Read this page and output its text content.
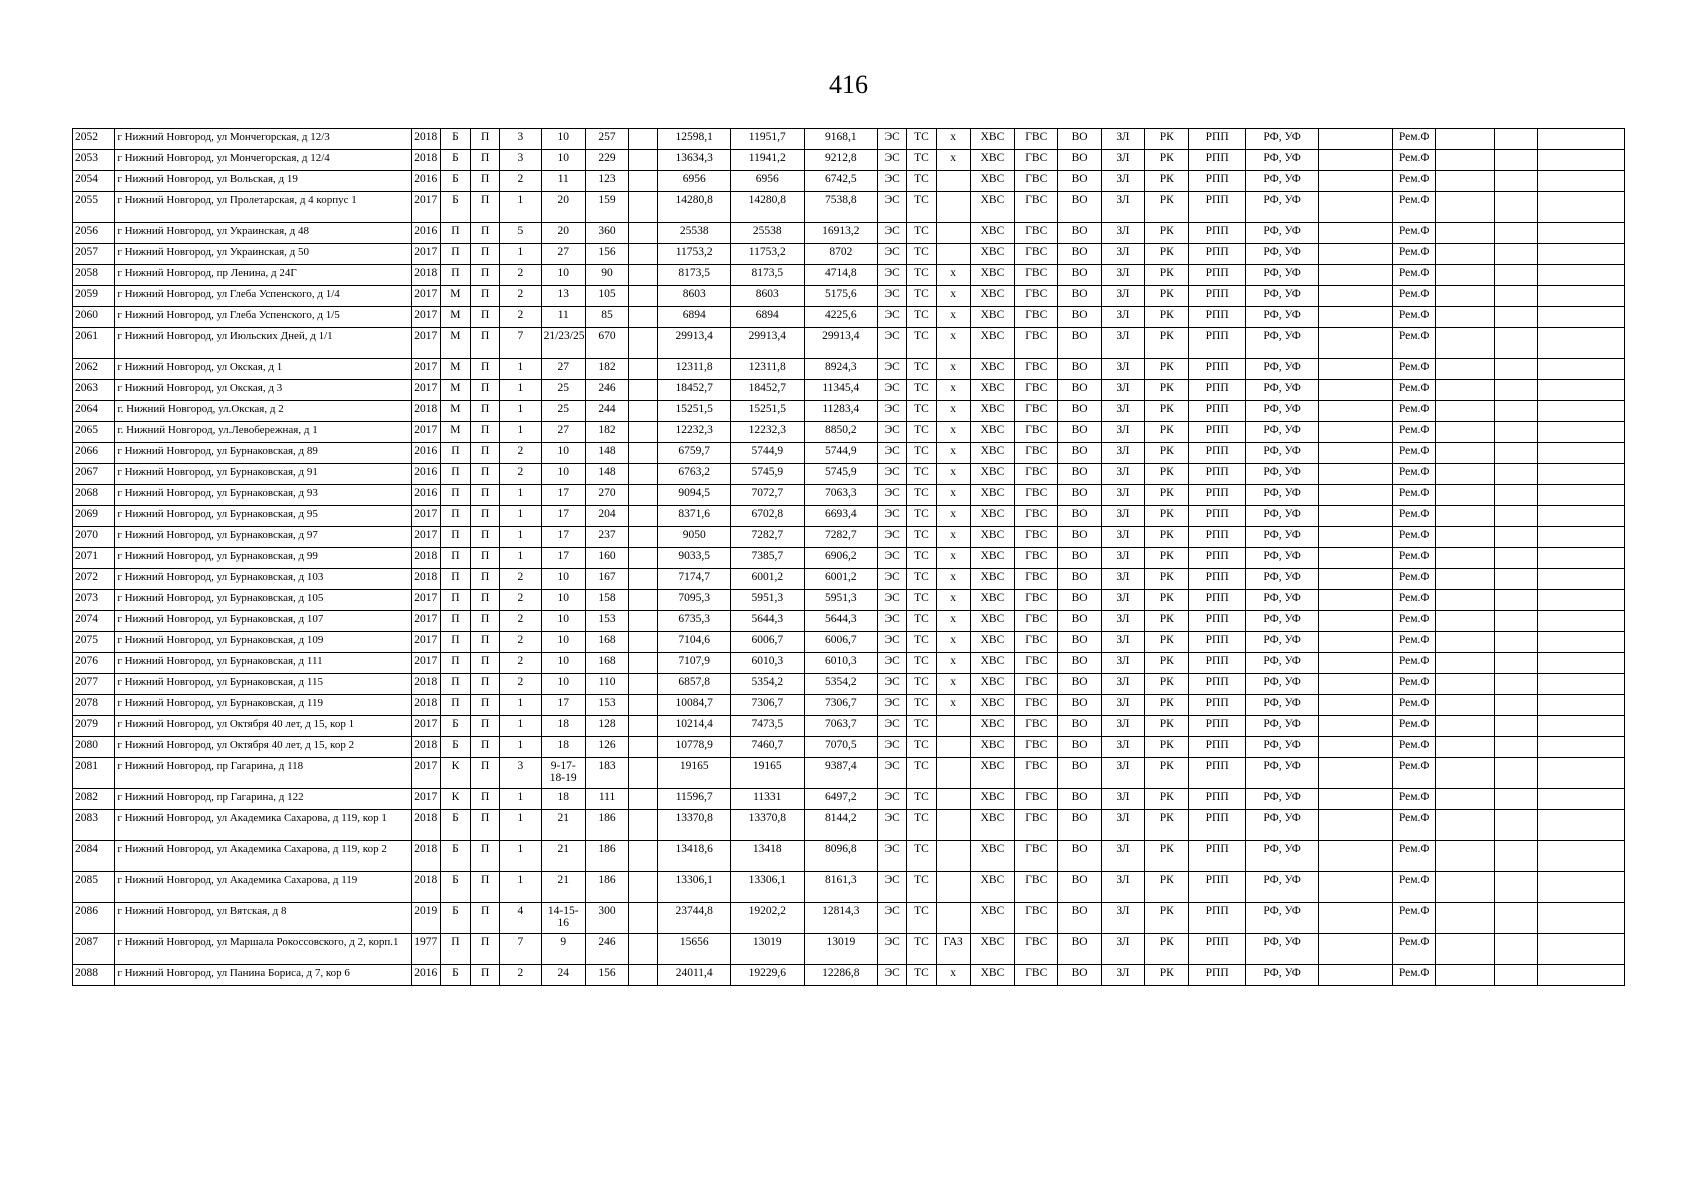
416
2052	г Нижний Новгород, ул Мончегорская, д 12/3	2018	Б	П	3	10	257		12598,1	11951,7	9168,1	ЭС	ТС	х	ХВС	ГВС	ВО	ЗЛ	РК	РПП	РФ, УФ		Рем.Ф			
2053	г Нижний Новгород, ул Мончегорская, д 12/4	2018	Б	П	3	10	229		13634,3	11941,2	9212,8	ЭС	ТС	х	ХВС	ГВС	ВО	ЗЛ	РК	РПП	РФ, УФ		Рем.Ф			
2054	г Нижний Новгород, ул Вольская, д 19	2016	Б	П	2	11	123		6956	6956	6742,5	ЭС	ТС		ХВС	ГВС	ВО	ЗЛ	РК	РПП	РФ, УФ		Рем.Ф			
2055	г Нижний Новгород, ул Пролетарская, д 4 корпус 1	2017	Б	П	1	20	159		14280,8	14280,8	7538,8	ЭС	ТС		ХВС	ГВС	ВО	ЗЛ	РК	РПП	РФ, УФ		Рем.Ф			
2056	г Нижний Новгород, ул Украинская, д 48	2016	П	П	5	20	360		25538	25538	16913,2	ЭС	ТС		ХВС	ГВС	ВО	ЗЛ	РК	РПП	РФ, УФ		Рем.Ф			
2057	г Нижний Новгород, ул Украинская, д 50	2017	П	П	1	27	156		11753,2	11753,2	8702	ЭС	ТС		ХВС	ГВС	ВО	ЗЛ	РК	РПП	РФ, УФ		Рем.Ф			
2058	г Нижний Новгород, пр Ленина, д 24Г	2018	П	П	2	10	90		8173,5	8173,5	4714,8	ЭС	ТС	х	ХВС	ГВС	ВО	ЗЛ	РК	РПП	РФ, УФ		Рем.Ф			
2059	г Нижний Новгород, ул Глеба Успенского, д 1/4	2017	М	П	2	13	105		8603	8603	5175,6	ЭС	ТС	х	ХВС	ГВС	ВО	ЗЛ	РК	РПП	РФ, УФ		Рем.Ф			
2060	г Нижний Новгород, ул Глеба Успенского, д 1/5	2017	М	П	2	11	85		6894	6894	4225,6	ЭС	ТС	х	ХВС	ГВС	ВО	ЗЛ	РК	РПП	РФ, УФ		Рем.Ф			
2061	г Нижний Новгород, ул Июльских Дней, д 1/1	2017	М	П	7	21/23/25	670		29913,4	29913,4	29913,4	ЭС	ТС	х	ХВС	ГВС	ВО	ЗЛ	РК	РПП	РФ, УФ		Рем.Ф			
2062	г Нижний Новгород, ул Окская, д 1	2017	М	П	1	27	182		12311,8	12311,8	8924,3	ЭС	ТС	х	ХВС	ГВС	ВО	ЗЛ	РК	РПП	РФ, УФ		Рем.Ф			
2063	г Нижний Новгород, ул Окская, д 3	2017	М	П	1	25	246		18452,7	18452,7	11345,4	ЭС	ТС	х	ХВС	ГВС	ВО	ЗЛ	РК	РПП	РФ, УФ		Рем.Ф			
2064	г. Нижний Новгород, ул.Окская, д 2	2018	М	П	1	25	244		15251,5	15251,5	11283,4	ЭС	ТС	х	ХВС	ГВС	ВО	ЗЛ	РК	РПП	РФ, УФ		Рем.Ф			
2065	г. Нижний Новгород, ул.Левобережная, д 1	2017	М	П	1	27	182		12232,3	12232,3	8850,2	ЭС	ТС	х	ХВС	ГВС	ВО	ЗЛ	РК	РПП	РФ, УФ		Рем.Ф			
2066	г Нижний Новгород, ул Бурнаковская, д 89	2016	П	П	2	10	148		6759,7	5744,9	5744,9	ЭС	ТС	х	ХВС	ГВС	ВО	ЗЛ	РК	РПП	РФ, УФ		Рем.Ф			
2067	г Нижний Новгород, ул Бурнаковская, д 91	2016	П	П	2	10	148		6763,2	5745,9	5745,9	ЭС	ТС	х	ХВС	ГВС	ВО	ЗЛ	РК	РПП	РФ, УФ		Рем.Ф			
2068	г Нижний Новгород, ул Бурнаковская, д 93	2016	П	П	1	17	270		9094,5	7072,7	7063,3	ЭС	ТС	х	ХВС	ГВС	ВО	ЗЛ	РК	РПП	РФ, УФ		Рем.Ф			
2069	г Нижний Новгород, ул Бурнаковская, д 95	2017	П	П	1	17	204		8371,6	6702,8	6693,4	ЭС	ТС	х	ХВС	ГВС	ВО	ЗЛ	РК	РПП	РФ, УФ		Рем.Ф			
2070	г Нижний Новгород, ул Бурнаковская, д 97	2017	П	П	1	17	237		9050	7282,7	7282,7	ЭС	ТС	х	ХВС	ГВС	ВО	ЗЛ	РК	РПП	РФ, УФ		Рем.Ф			
2071	г Нижний Новгород, ул Бурнаковская, д 99	2018	П	П	1	17	160		9033,5	7385,7	6906,2	ЭС	ТС	х	ХВС	ГВС	ВО	ЗЛ	РК	РПП	РФ, УФ		Рем.Ф			
2072	г Нижний Новгород, ул Бурнаковская, д 103	2018	П	П	2	10	167		7174,7	6001,2	6001,2	ЭС	ТС	х	ХВС	ГВС	ВО	ЗЛ	РК	РПП	РФ, УФ		Рем.Ф			
2073	г Нижний Новгород, ул Бурнаковская, д 105	2017	П	П	2	10	158		7095,3	5951,3	5951,3	ЭС	ТС	х	ХВС	ГВС	ВО	ЗЛ	РК	РПП	РФ, УФ		Рем.Ф			
2074	г Нижний Новгород, ул Бурнаковская, д 107	2017	П	П	2	10	153		6735,3	5644,3	5644,3	ЭС	ТС	х	ХВС	ГВС	ВО	ЗЛ	РК	РПП	РФ, УФ		Рем.Ф			
2075	г Нижний Новгород, ул Бурнаковская, д 109	2017	П	П	2	10	168		7104,6	6006,7	6006,7	ЭС	ТС	х	ХВС	ГВС	ВО	ЗЛ	РК	РПП	РФ, УФ		Рем.Ф			
2076	г Нижний Новгород, ул Бурнаковская, д 111	2017	П	П	2	10	168		7107,9	6010,3	6010,3	ЭС	ТС	х	ХВС	ГВС	ВО	ЗЛ	РК	РПП	РФ, УФ		Рем.Ф			
2077	г Нижний Новгород, ул Бурнаковская, д 115	2018	П	П	2	10	110		6857,8	5354,2	5354,2	ЭС	ТС	х	ХВС	ГВС	ВО	ЗЛ	РК	РПП	РФ, УФ		Рем.Ф			
2078	г Нижний Новгород, ул Бурнаковская, д 119	2018	П	П	1	17	153		10084,7	7306,7	7306,7	ЭС	ТС	х	ХВС	ГВС	ВО	ЗЛ	РК	РПП	РФ, УФ		Рем.Ф			
2079	г Нижний Новгород, ул Октября 40 лет, д 15, кор 1	2017	Б	П	1	18	128		10214,4	7473,5	7063,7	ЭС	ТС		ХВС	ГВС	ВО	ЗЛ	РК	РПП	РФ, УФ		Рем.Ф			
2080	г Нижний Новгород, ул Октября 40 лет, д 15, кор 2	2018	Б	П	1	18	126		10778,9	7460,7	7070,5	ЭС	ТС		ХВС	ГВС	ВО	ЗЛ	РК	РПП	РФ, УФ		Рем.Ф			
2081	г Нижний Новгород, пр Гагарина, д 118	2017	К	П	3	9-17-18-19	183		19165	19165	9387,4	ЭС	ТС		ХВС	ГВС	ВО	ЗЛ	РК	РПП	РФ, УФ		Рем.Ф			
2082	г Нижний Новгород, пр Гагарина, д 122	2017	К	П	1	18	111		11596,7	11331	6497,2	ЭС	ТС		ХВС	ГВС	ВО	ЗЛ	РК	РПП	РФ, УФ		Рем.Ф			
2083	г Нижний Новгород, ул Академика Сахарова, д 119, кор 1	2018	Б	П	1	21	186		13370,8	13370,8	8144,2	ЭС	ТС		ХВС	ГВС	ВО	ЗЛ	РК	РПП	РФ, УФ		Рем.Ф			
2084	г Нижний Новгород, ул Академика Сахарова, д 119, кор 2	2018	Б	П	1	21	186		13418,6	13418	8096,8	ЭС	ТС		ХВС	ГВС	ВО	ЗЛ	РК	РПП	РФ, УФ		Рем.Ф			
2085	г Нижний Новгород, ул Академика Сахарова, д 119	2018	Б	П	1	21	186		13306,1	13306,1	8161,3	ЭС	ТС		ХВС	ГВС	ВО	ЗЛ	РК	РПП	РФ, УФ		Рем.Ф			
2086	г Нижний Новгород, ул Вятская, д 8	2019	Б	П	4	14-15-16	300		23744,8	19202,2	12814,3	ЭС	ТС		ХВС	ГВС	ВО	ЗЛ	РК	РПП	РФ, УФ		Рем.Ф			
2087	г Нижний Новгород, ул Маршала Рокоссовского, д 2, корп.1	1977	П	П	7	9	246		15656	13019	13019	ЭС	ТС	ГАЗ	ХВС	ГВС	ВО	ЗЛ	РК	РПП	РФ, УФ		Рем.Ф			
2088	г Нижний Новгород, ул Панина Бориса, д 7, кор 6	2016	Б	П	2	24	156		24011,4	19229,6	12286,8	ЭС	ТС	х	ХВС	ГВС	ВО	ЗЛ	РК	РПП	РФ, УФ		Рем.Ф			
